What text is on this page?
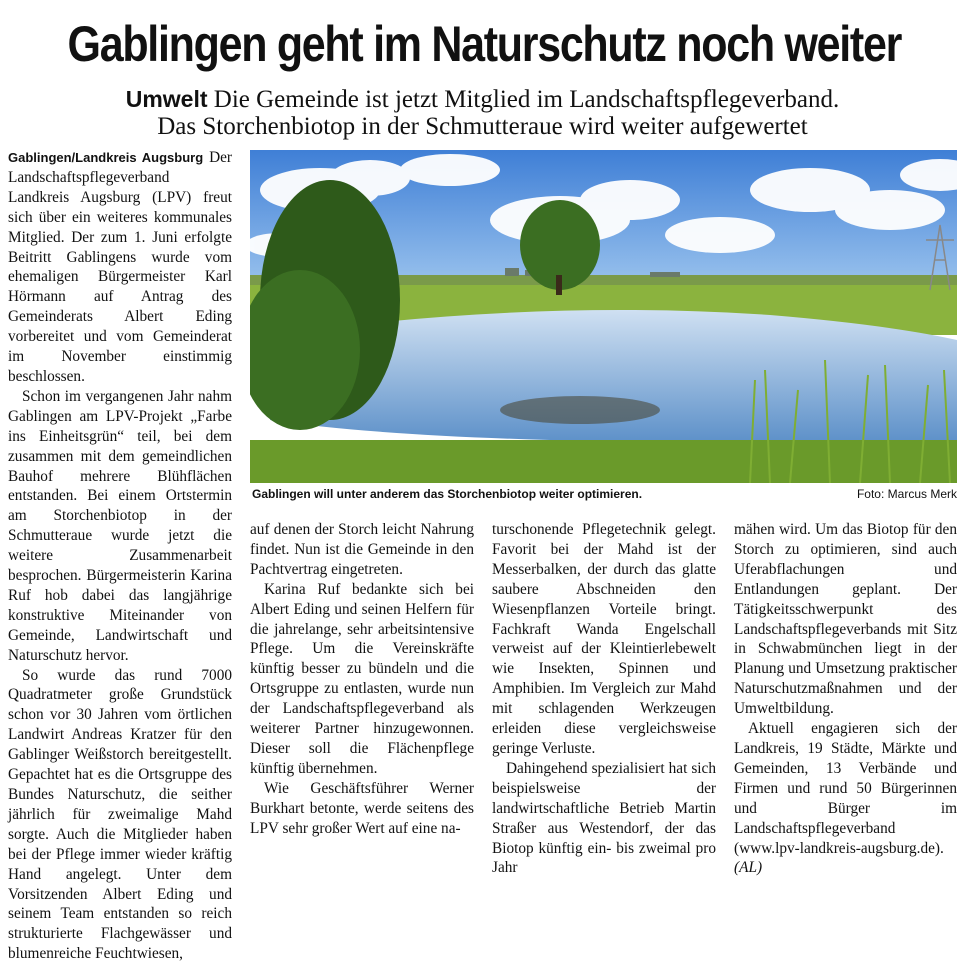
Gablingen geht im Naturschutz noch weiter
Umwelt Die Gemeinde ist jetzt Mitglied im Landschaftspflegeverband.
Das Storchenbiotop in der Schmutteraue wird weiter aufgewertet

Gablingen/Landkreis Augsburg Der Landschaftspflegeverband Landkreis Augsburg (LPV) freut sich über ein weiteres kommunales Mitglied. Der zum 1. Juni erfolgte Beitritt Gablingens wurde vom ehemaligen Bürgermeister Karl Hörmann auf Antrag des Gemeinderats Albert Eding vorbereitet und vom Gemeinderat im November einstimmig beschlossen.

Schon im vergangenen Jahr nahm Gablingen am LPV-Projekt „Farbe ins Einheitsgrün“ teil, bei dem zusammen mit dem gemeindlichen Bauhof mehrere Blühflächen entstanden. Bei einem Ortstermin am Storchenbiotop in der Schmutteraue wurde jetzt die weitere Zusammenarbeit besprochen. Bürgermeisterin Karina Ruf hob dabei das langjährige konstruktive Miteinander von Gemeinde, Landwirtschaft und Naturschutz hervor.

So wurde das rund 7000 Quadratmeter große Grundstück schon vor 30 Jahren vom örtlichen Landwirt Andreas Kratzer für den Gablinger Weißstorch bereitgestellt. Gepachtet hat es die Ortsgruppe des Bundes Naturschutz, die seither jährlich für zweimalige Mahd sorgte. Auch die Mitglieder haben bei der Pflege immer wieder kräftig Hand angelegt. Unter dem Vorsitzenden Albert Eding und seinem Team entstanden so reich strukturierte Flachgewässer und blumenreiche Feuchtwiesen,

Gablingen will unter anderem das Storchenbiotop weiter optimieren.	Foto: Marcus Merk

auf denen der Storch leicht Nahrung findet. Nun ist die Gemeinde in den Pachtvertrag eingetreten.

Karina Ruf bedankte sich bei Albert Eding und seinen Helfern für die jahrelange, sehr arbeitsintensive Pflege. Um die Vereinskräfte künftig besser zu bündeln und die Ortsgruppe zu entlasten, wurde nun der Landschaftspflegeverband als weiterer Partner hinzugewonnen. Dieser soll die Flächenpflege künftig übernehmen.

Wie Geschäftsführer Werner Burkhart betonte, werde seitens des LPV sehr großer Wert auf eine na-

turschonende Pflegetechnik gelegt. Favorit bei der Mahd ist der Messerbalken, der durch das glatte saubere Abschneiden den Wiesenpflanzen Vorteile bringt. Fachkraft Wanda Engelschall verweist auf der Kleintierlebewelt wie Insekten, Spinnen und Amphibien. Im Vergleich zur Mahd mit schlagenden Werkzeugen erleiden diese vergleichsweise geringe Verluste.

Dahingehend spezialisiert hat sich beispielsweise der landwirtschaftliche Betrieb Martin Straßer aus Westendorf, der das Biotop künftig ein- bis zweimal pro Jahr

mähen wird. Um das Biotop für den Storch zu optimieren, sind auch Uferabflachungen und Entlandungen geplant. Der Tätigkeitsschwerpunkt des Landschaftspflegeverbands mit Sitz in Schwabmünchen liegt in der Planung und Umsetzung praktischer Naturschutzmaßnahmen und der Umweltbildung.

Aktuell engagieren sich der Landkreis, 19 Städte, Märkte und Gemeinden, 13 Verbände und Firmen und rund 50 Bürgerinnen und Bürger im Landschaftspflegeverband (www.lpv-landkreis-augsburg.de). (AL)
